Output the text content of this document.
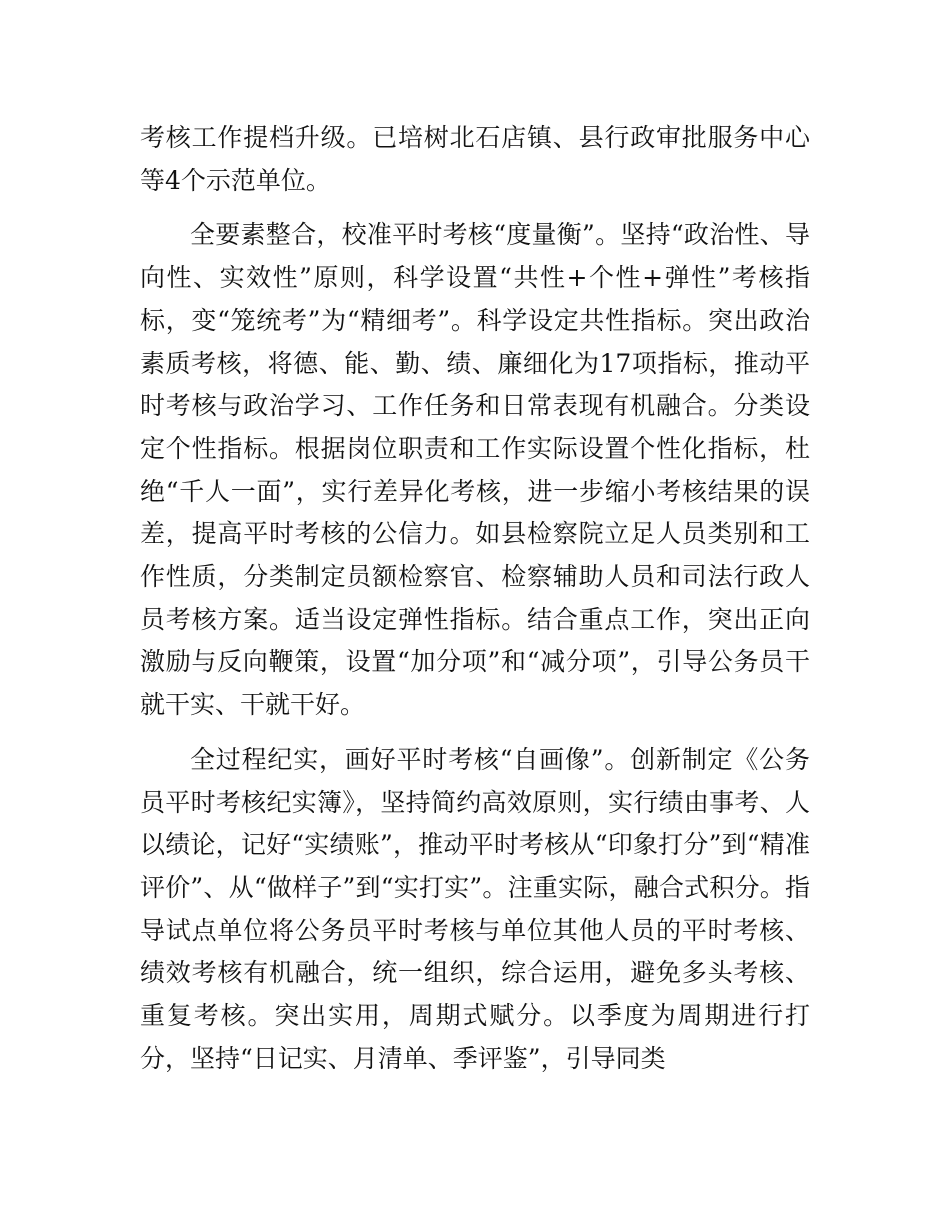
考核工作提档升级。已培树北石店镇、县行政审批服务中心等4个示范单位。

全要素整合，校准平时考核“度量衡”。坚持“政治性、导向性、实效性”原则，科学设置“共性+个性+弹性”考核指标，变“笼统考”为“精细考”。科学设定共性指标。突出政治素质考核，将德、能、勤、绩、廉细化为17项指标，推动平时考核与政治学习、工作任务和日常表现有机融合。分类设定个性指标。根据岗位职责和工作实际设置个性化指标，杜绝“千人一面”，实行差异化考核，进一步缩小考核结果的误差，提高平时考核的公信力。如县检察院立足人员类别和工作性质，分类制定员额检察官、检察辅助人员和司法行政人员考核方案。适当设定弹性指标。结合重点工作，突出正向激励与反向鞭策，设置“加分项”和“减分项”，引导公务员干就干实、干就干好。

全过程纪实，画好平时考核“自画像”。创新制定《公务员平时考核纪实簿》，坚持简约高效原则，实行绩由事考、人以绩论，记好“实绩账”，推动平时考核从“印象打分”到“精准评价”、从“做样子”到“实打实”。注重实际，融合式积分。指导试点单位将公务员平时考核与单位其他人员的平时考核、绩效考核有机融合，统一组织，综合运用，避免多头考核、重复考核。突出实用，周期式赋分。以季度为周期进行打分，坚持“日记实、月清单、季评鉴”，引导同类
